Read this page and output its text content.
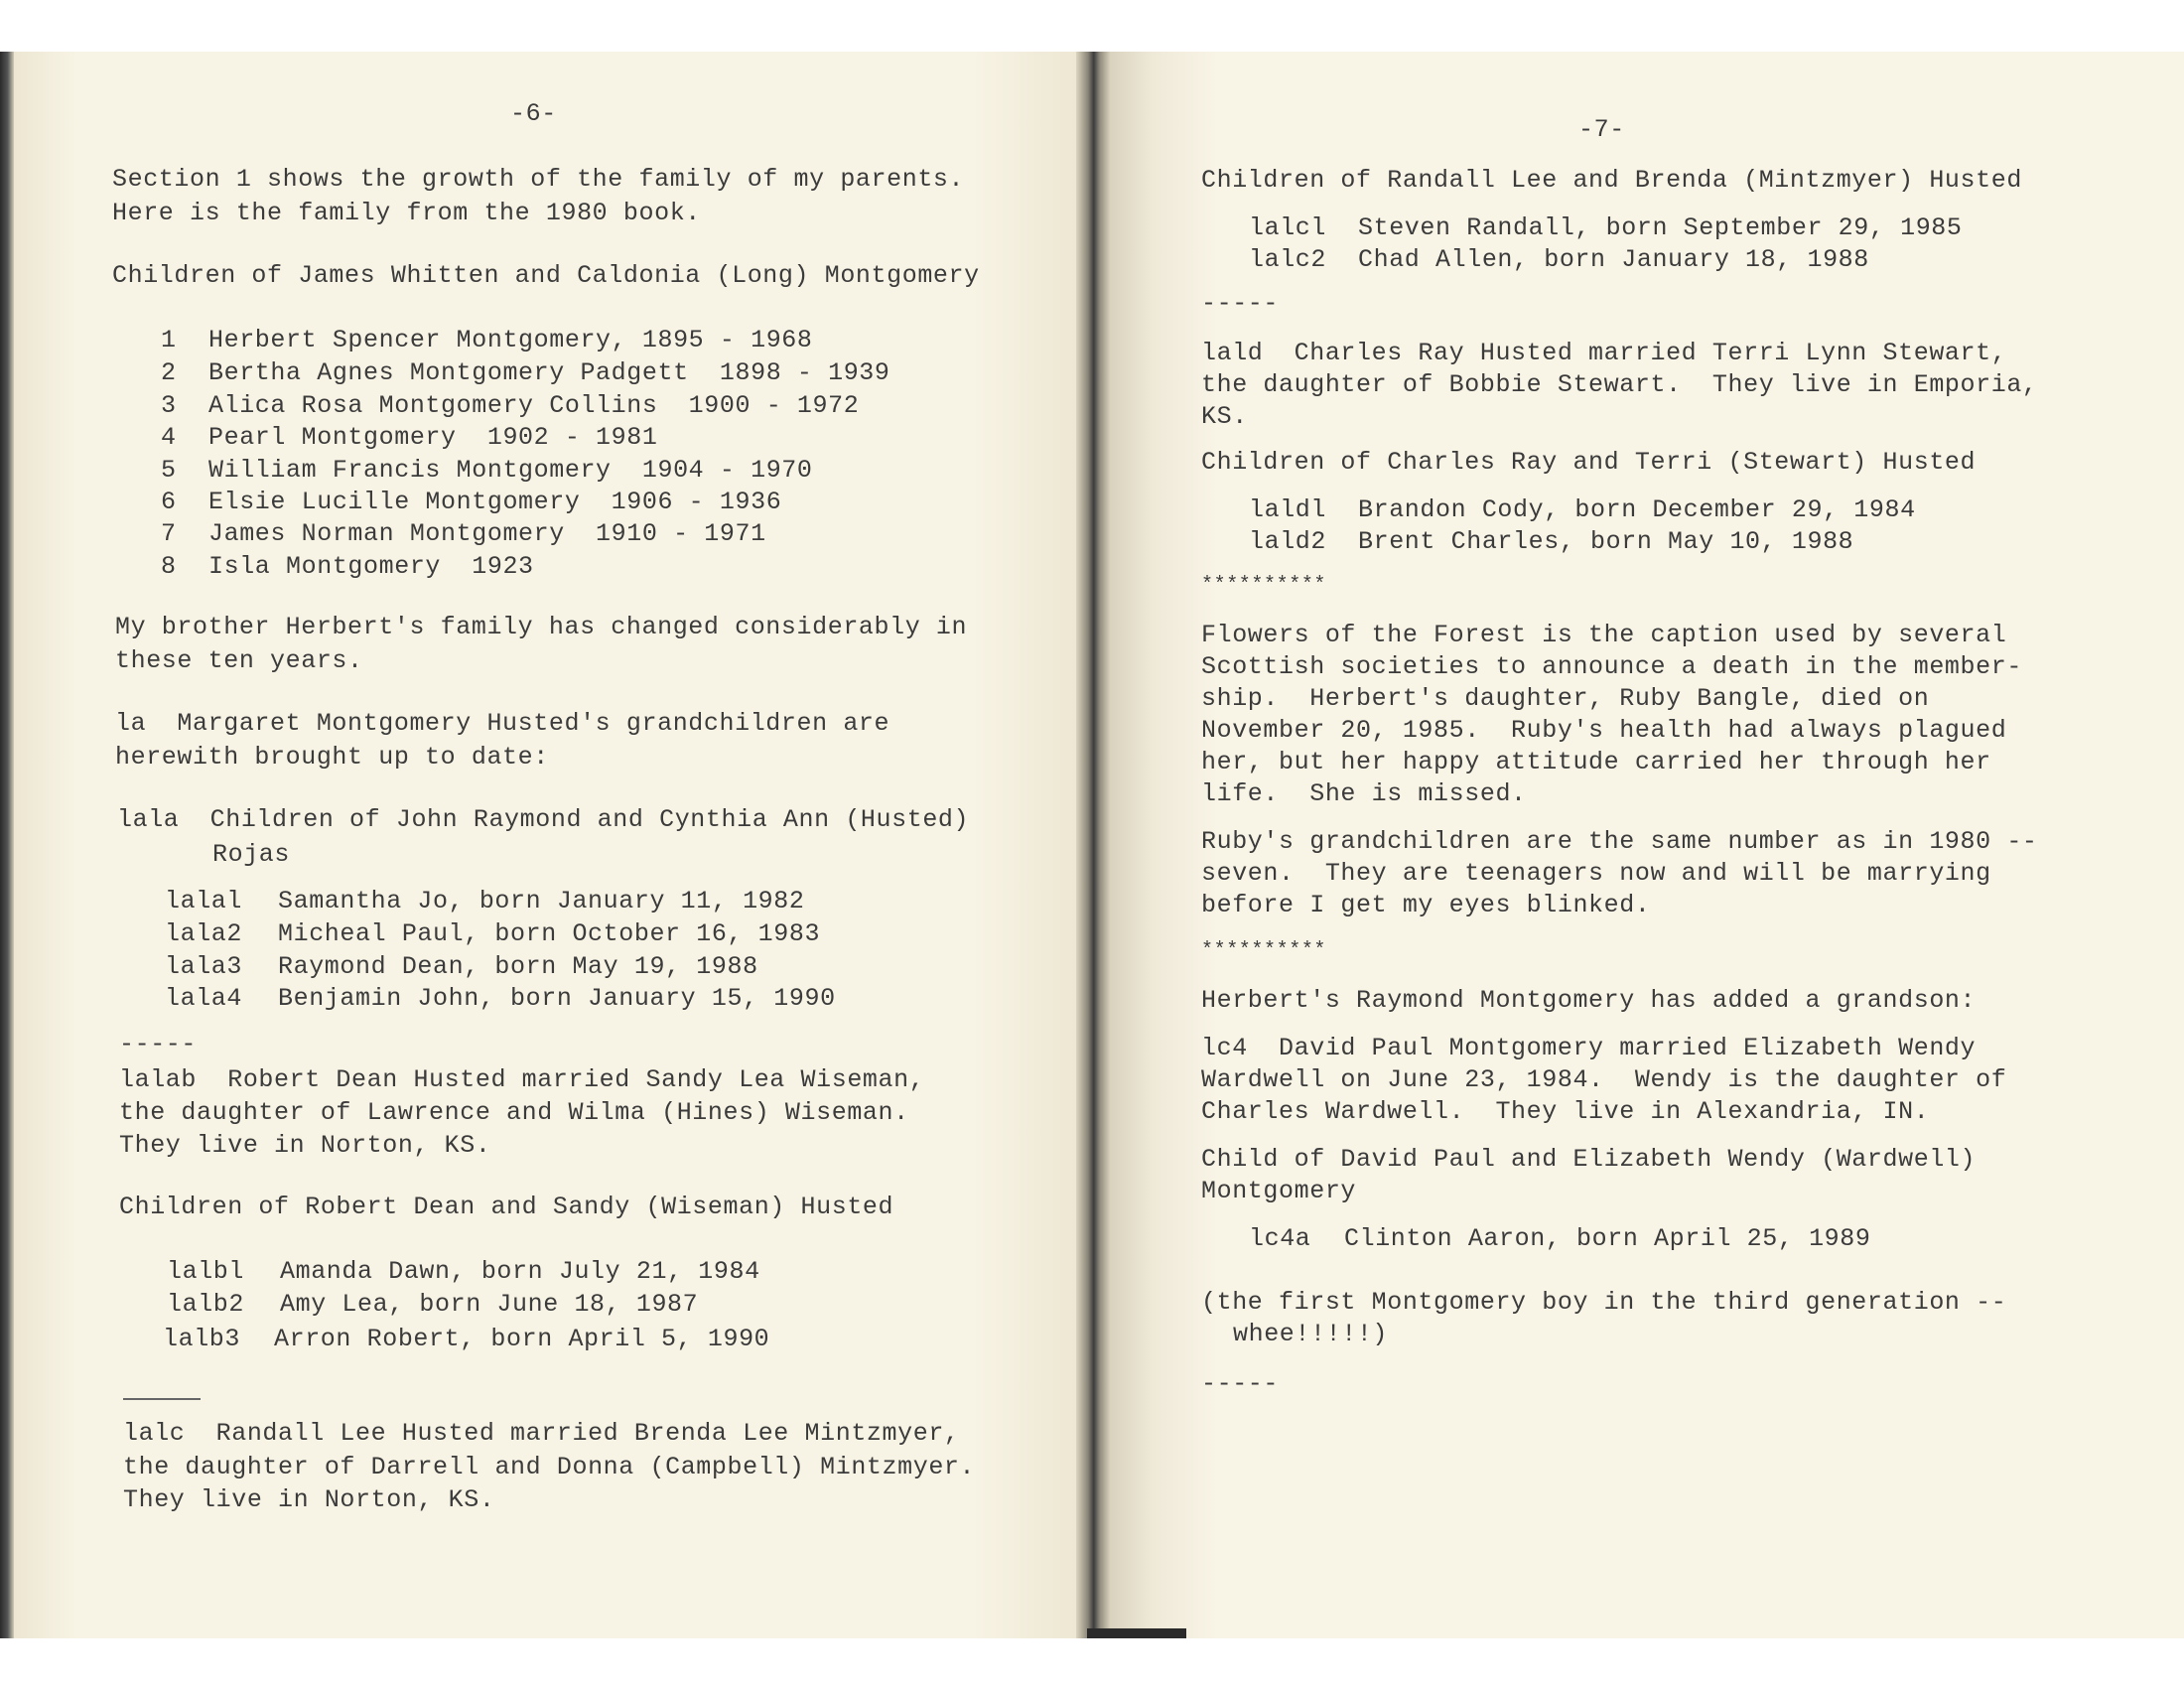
-6-
Section 1 shows the growth of the family of my parents.
Here is the family from the 1980 book.
Children of James Whitten and Caldonia (Long) Montgomery
1 Herbert Spencer Montgomery, 1895 - 1968
2 Bertha Agnes Montgomery Padgett  1898 - 1939
3 Alica Rosa Montgomery Collins  1900 - 1972
4 Pearl Montgomery  1902 - 1981
5 William Francis Montgomery  1904 - 1970
6 Elsie Lucille Montgomery  1906 - 1936
7 James Norman Montgomery  1910 - 1971
8 Isla Montgomery  1923
My brother Herbert's family has changed considerably in
these ten years.
la  Margaret Montgomery Husted's grandchildren are
herewith brought up to date:
lala  Children of John Raymond and Cynthia Ann (Husted)
Rojas
lalal Samantha Jo, born January 11, 1982
lala2 Micheal Paul, born October 16, 1983
lala3 Raymond Dean, born May 19, 1988
lala4 Benjamin John, born January 15, 1990
-----
lalab  Robert Dean Husted married Sandy Lea Wiseman,
the daughter of Lawrence and Wilma (Hines) Wiseman.
They live in Norton, KS.
Children of Robert Dean and Sandy (Wiseman) Husted
lalbl Amanda Dawn, born July 21, 1984
lalb2 Amy Lea, born June 18, 1987
lalb3 Arron Robert, born April 5, 1990
lalc  Randall Lee Husted married Brenda Lee Mintzmyer,
the daughter of Darrell and Donna (Campbell) Mintzmyer.
They live in Norton, KS.
-7-
Children of Randall Lee and Brenda (Mintzmyer) Husted
lalcl Steven Randall, born September 29, 1985
lalc2 Chad Allen, born January 18, 1988
-----
lald  Charles Ray Husted married Terri Lynn Stewart,
the daughter of Bobbie Stewart.  They live in Emporia,
KS.
Children of Charles Ray and Terri (Stewart) Husted
laldl Brandon Cody, born December 29, 1984
lald2 Brent Charles, born May 10, 1988
**********
Flowers of the Forest is the caption used by several
Scottish societies to announce a death in the member-
ship.  Herbert's daughter, Ruby Bangle, died on
November 20, 1985.  Ruby's health had always plagued
her, but her happy attitude carried her through her
life.  She is missed.
Ruby's grandchildren are the same number as in 1980 --
seven.  They are teenagers now and will be marrying
before I get my eyes blinked.
**********
Herbert's Raymond Montgomery has added a grandson:
lc4  David Paul Montgomery married Elizabeth Wendy
Wardwell on June 23, 1984.  Wendy is the daughter of
Charles Wardwell.  They live in Alexandria, IN.
Child of David Paul and Elizabeth Wendy (Wardwell)
Montgomery
lc4a Clinton Aaron, born April 25, 1989
(the first Montgomery boy in the third generation --
whee!!!!!)
-----
